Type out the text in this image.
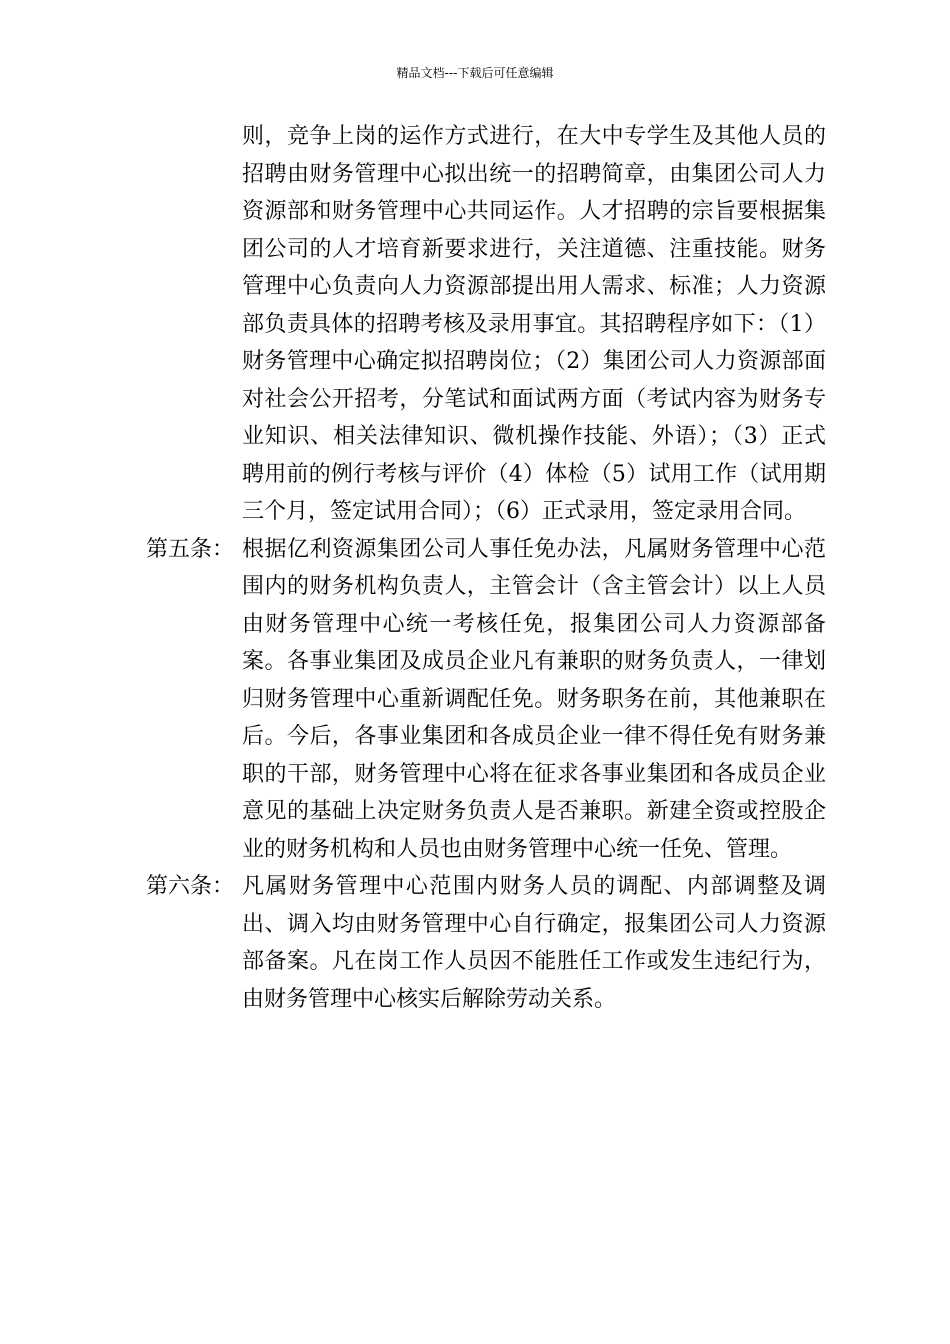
精品文档---下载后可任意编辑
则，竞争上岗的运作方式进行，在大中专学生及其他人员的招聘由财务管理中心拟出统一的招聘简章，由集团公司人力资源部和财务管理中心共同运作。人才招聘的宗旨要根据集团公司的人才培育新要求进行，关注道德、注重技能。财务管理中心负责向人力资源部提出用人需求、标准；人力资源部负责具体的招聘考核及录用事宜。其招聘程序如下：（1）财务管理中心确定拟招聘岗位；（2）集团公司人力资源部面对社会公开招考，分笔试和面试两方面（考试内容为财务专业知识、相关法律知识、微机操作技能、外语）；（3）正式聘用前的例行考核与评价（4）体检（5）试用工作（试用期三个月，签定试用合同）；（6）正式录用，签定录用合同。
第五条： 根据亿利资源集团公司人事任免办法，凡属财务管理中心范围内的财务机构负责人，主管会计（含主管会计）以上人员由财务管理中心统一考核任免，报集团公司人力资源部备案。各事业集团及成员企业凡有兼职的财务负责人，一律划归财务管理中心重新调配任免。财务职务在前，其他兼职在后。今后，各事业集团和各成员企业一律不得任免有财务兼职的干部，财务管理中心将在征求各事业集团和各成员企业意见的基础上决定财务负责人是否兼职。新建全资或控股企业的财务机构和人员也由财务管理中心统一任免、管理。
第六条： 凡属财务管理中心范围内财务人员的调配、内部调整及调出、调入均由财务管理中心自行确定，报集团公司人力资源部备案。凡在岗工作人员因不能胜任工作或发生违纪行为，由财务管理中心核实后解除劳动关系。
